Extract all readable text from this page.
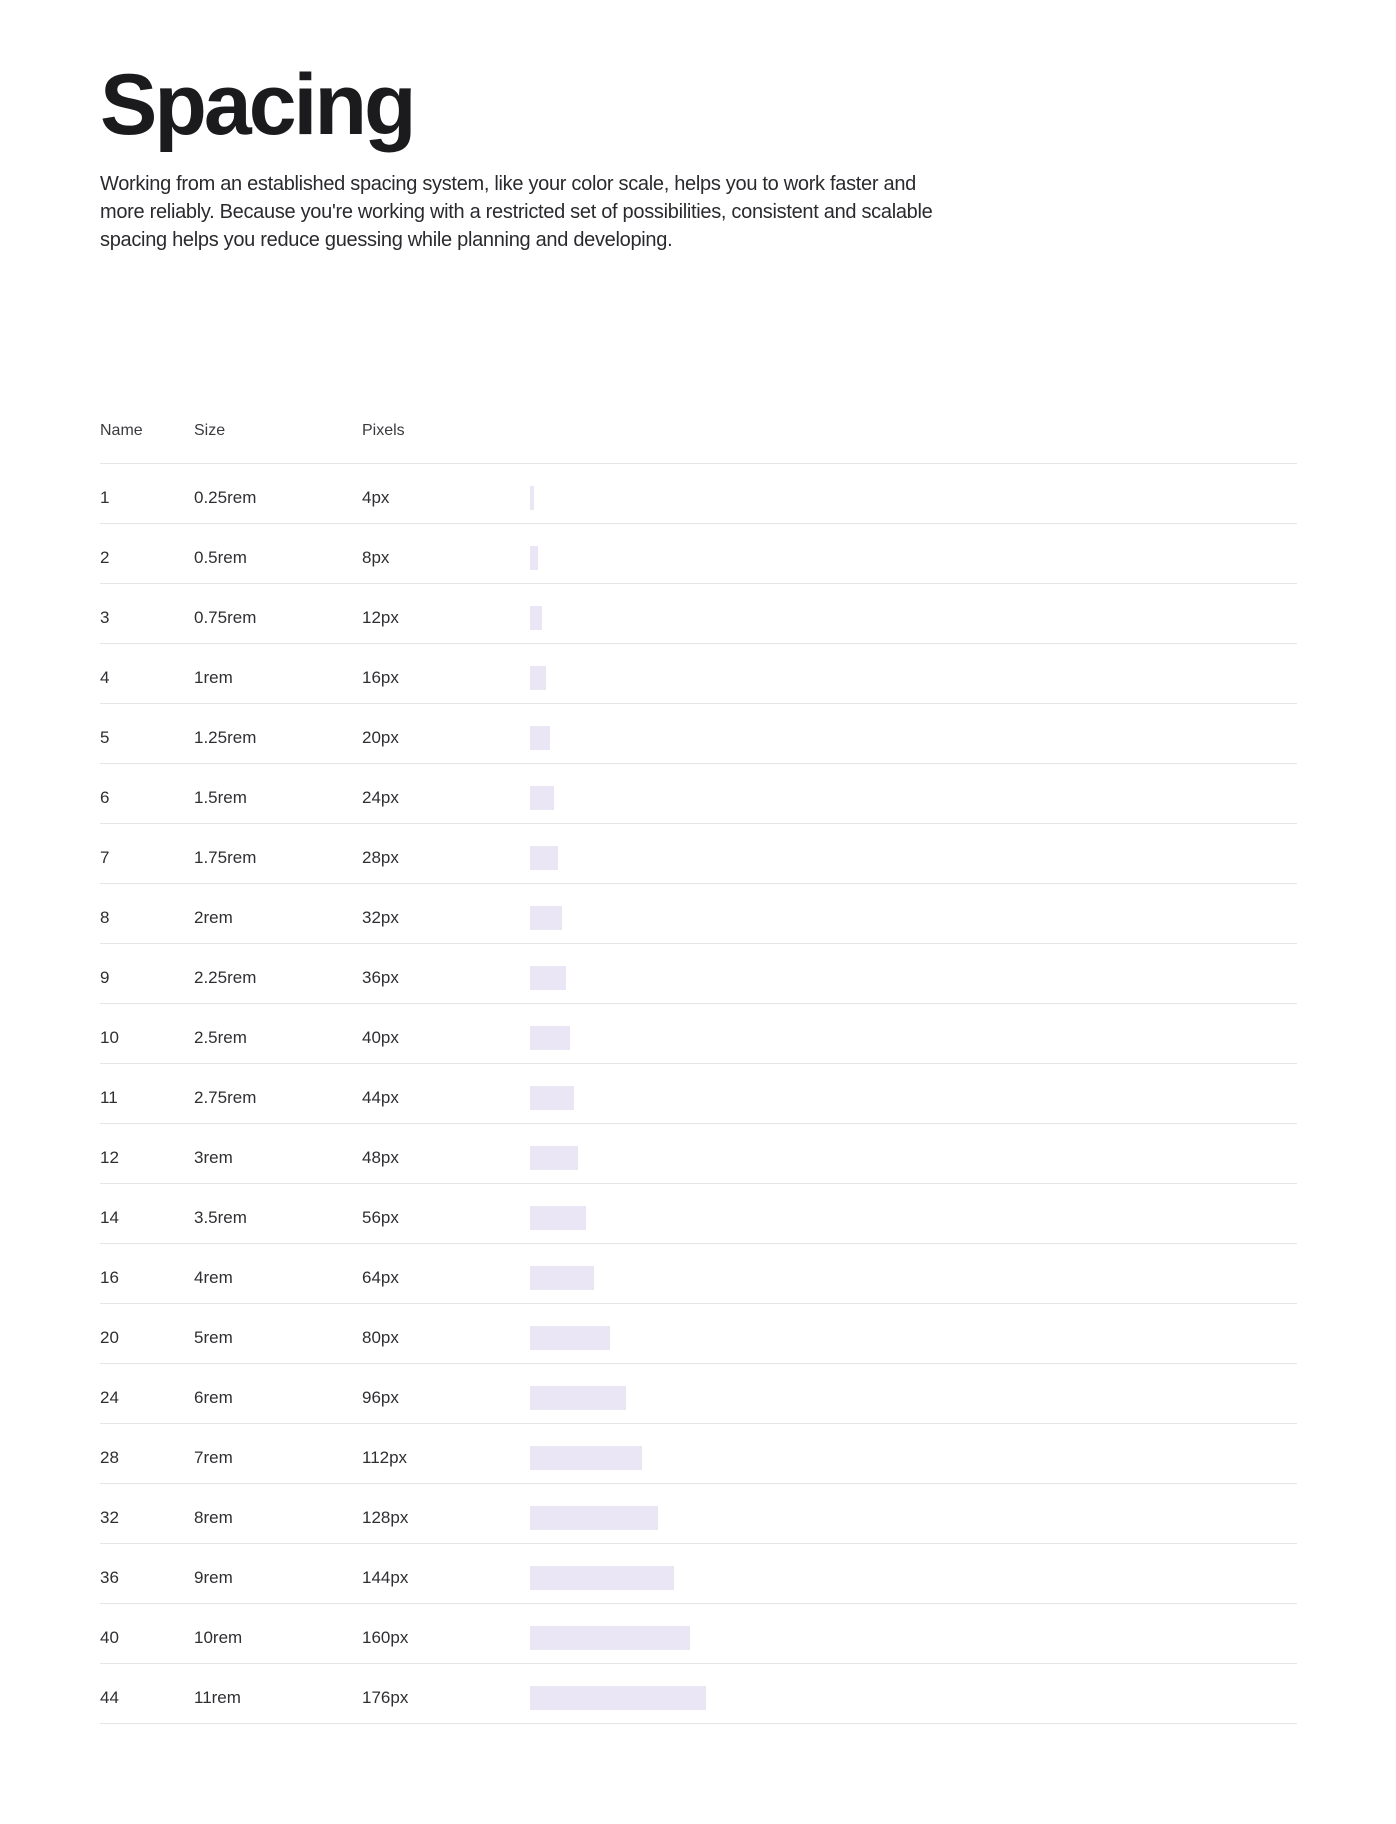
Spacing

Working from an established spacing system, like your color scale, helps you to work faster and more reliably. Because you're working with a restricted set of possibilities, consistent and scalable spacing helps you reduce guessing while planning and developing.

Name	Size	Pixels
1	0.25rem	4px
2	0.5rem	8px
3	0.75rem	12px
4	1rem	16px
5	1.25rem	20px
6	1.5rem	24px
7	1.75rem	28px
8	2rem	32px
9	2.25rem	36px
10	2.5rem	40px
11	2.75rem	44px
12	3rem	48px
14	3.5rem	56px
16	4rem	64px
20	5rem	80px
24	6rem	96px
28	7rem	112px
32	8rem	128px
36	9rem	144px
40	10rem	160px
44	11rem	176px
